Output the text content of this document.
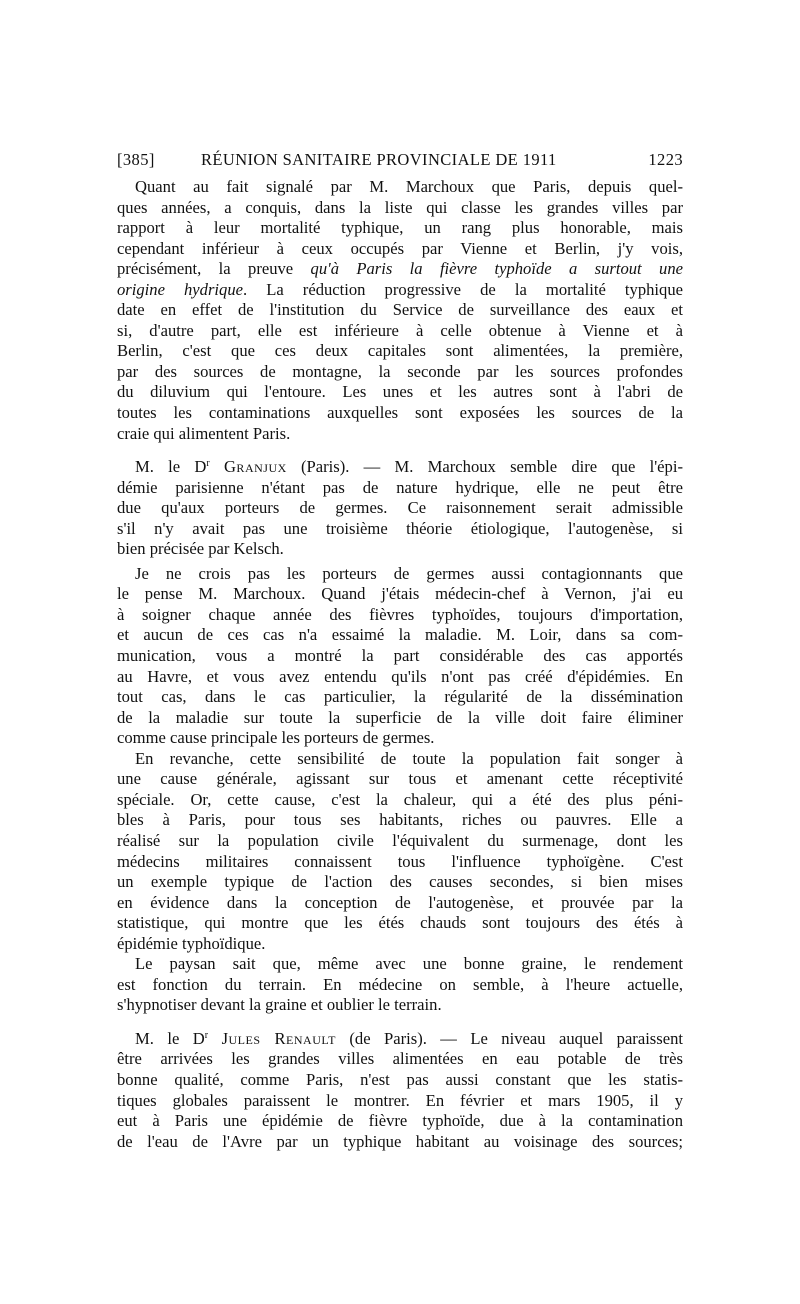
[385]	RÉUNION SANITAIRE PROVINCIALE DE 1911	1223
Quant au fait signalé par M. Marchoux que Paris, depuis quel-
ques années, a conquis, dans la liste qui classe les grandes villes par
rapport à leur mortalité typhique, un rang plus honorable, mais
cependant inférieur à ceux occupés par Vienne et Berlin, j'y vois,
précisément, la preuve qu'à Paris la fièvre typhoïde a surtout une
origine hydrique. La réduction progressive de la mortalité typhique
date en effet de l'institution du Service de surveillance des eaux et
si, d'autre part, elle est inférieure à celle obtenue à Vienne et à
Berlin, c'est que ces deux capitales sont alimentées, la première,
par des sources de montagne, la seconde par les sources profondes
du diluvium qui l'entoure. Les unes et les autres sont à l'abri de
toutes les contaminations auxquelles sont exposées les sources de la
craie qui alimentent Paris.
M. le $D^r$ Granjux (Paris). — M. Marchoux semble dire que l'épi-
démie parisienne n'étant pas de nature hydrique, elle ne peut être
due qu'aux porteurs de germes. Ce raisonnement serait admissible
s'il n'y avait pas une troisième théorie étiologique, l'autogenèse, si
bien précisée par Kelsch.
Je ne crois pas les porteurs de germes aussi contagionnants que
le pense M. Marchoux. Quand j'étais médecin-chef à Vernon, j'ai eu
à soigner chaque année des fièvres typhoïdes, toujours d'importation,
et aucun de ces cas n'a essaimé la maladie. M. Loir, dans sa com-
munication, vous a montré la part considérable des cas apportés
au Havre, et vous avez entendu qu'ils n'ont pas créé d'épidémies. En
tout cas, dans le cas particulier, la régularité de la dissémination
de la maladie sur toute la superficie de la ville doit faire éliminer
comme cause principale les porteurs de germes.
En revanche, cette sensibilité de toute la population fait songer à
une cause générale, agissant sur tous et amenant cette réceptivité
spéciale. Or, cette cause, c'est la chaleur, qui a été des plus péni-
bles à Paris, pour tous ses habitants, riches ou pauvres. Elle a
réalisé sur la population civile l'équivalent du surmenage, dont les
médecins militaires connaissent tous l'influence typhoïgène. C'est
un exemple typique de l'action des causes secondes, si bien mises
en évidence dans la conception de l'autogenèse, et prouvée par la
statistique, qui montre que les étés chauds sont toujours des étés à
épidémie typhoïdique.
Le paysan sait que, même avec une bonne graine, le rendement
est fonction du terrain. En médecine on semble, à l'heure actuelle,
s'hypnotiser devant la graine et oublier le terrain.
M. le $D^r$ Jules Renault (de Paris). — Le niveau auquel paraissent
être arrivées les grandes villes alimentées en eau potable de très
bonne qualité, comme Paris, n'est pas aussi constant que les statis-
tiques globales paraissent le montrer. En février et mars 1905, il y
eut à Paris une épidémie de fièvre typhoïde, due à la contamination
de l'eau de l'Avre par un typhique habitant au voisinage des sources;
